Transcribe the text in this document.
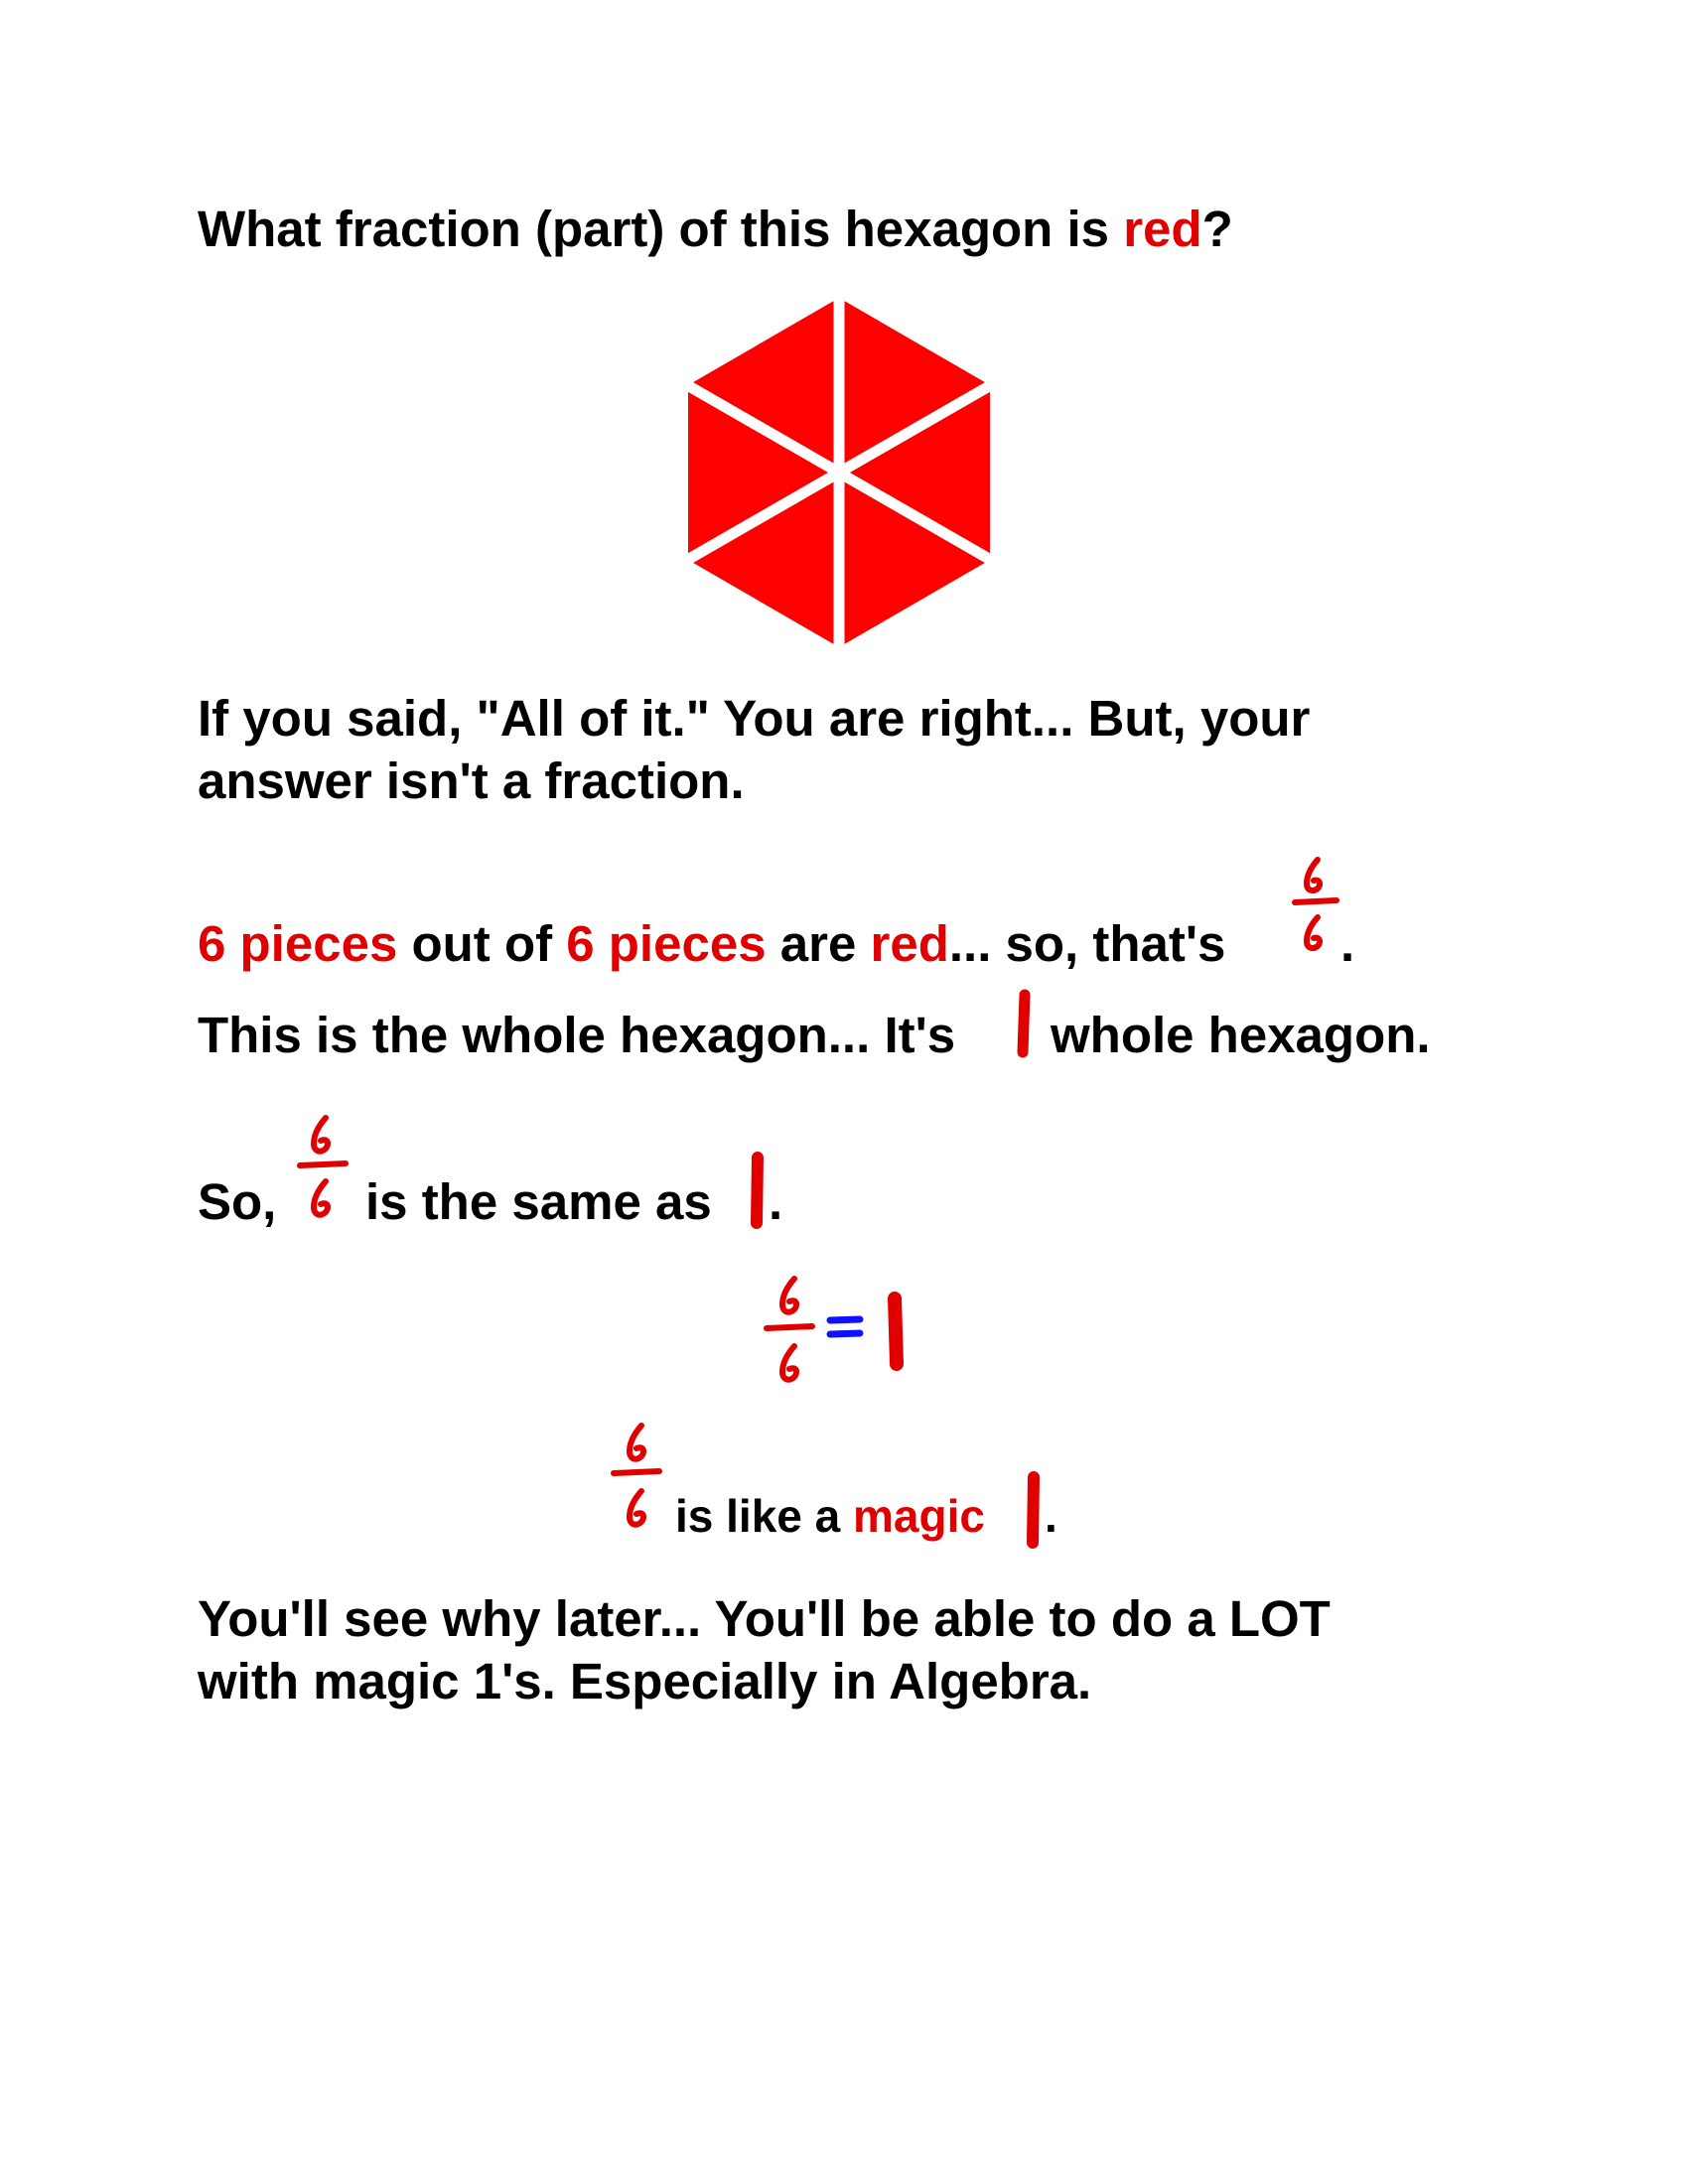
What fraction (part) of this hexagon is red?
If you said, "All of it." You are right... But, your
answer isn't a fraction.
6 pieces out of 6 pieces are red... so, that's .
This is the whole hexagon... It's whole hexagon.
So, is the same as .
is like a magic .
You'll see why later... You'll be able to do a LOT
with magic 1's. Especially in Algebra.
